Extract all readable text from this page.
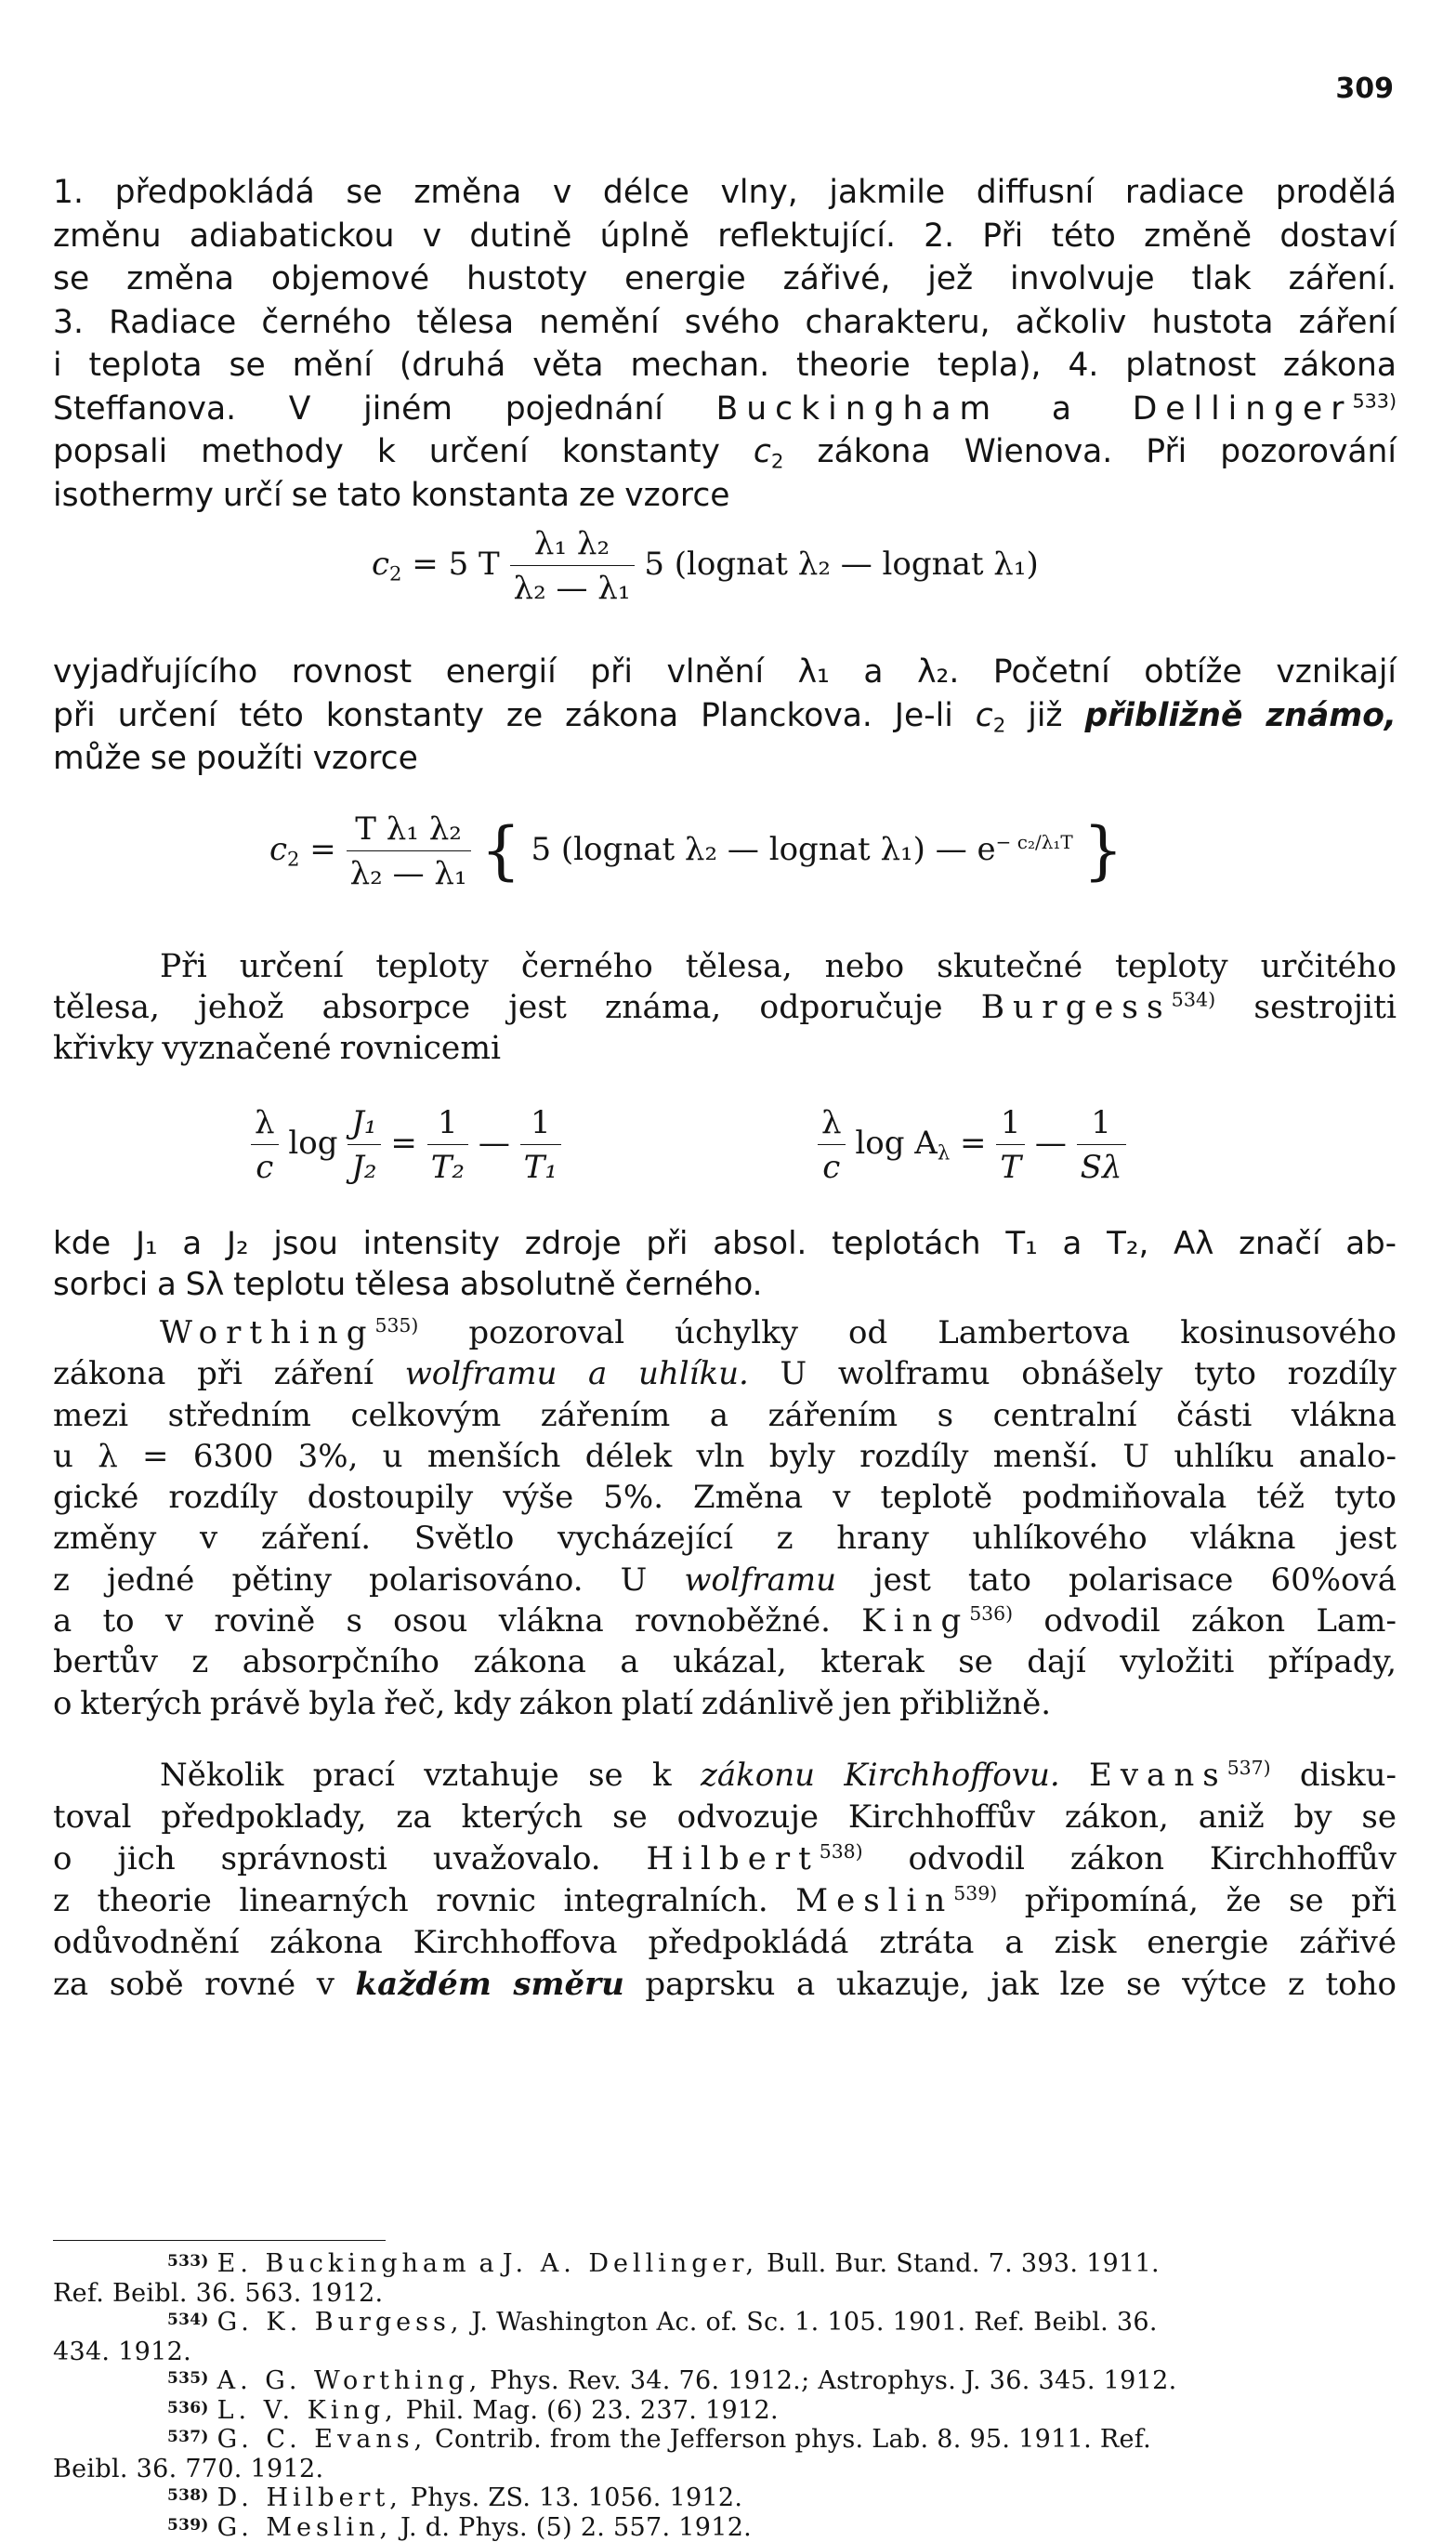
309
1. předpokládá se změna v délce vlny, jakmile diffusní radiace prodělá
změnu adiabatickou v dutině úplně reflektující. 2. Při této změně dostaví
se změna objemové hustoty energie zářivé, jež involvuje tlak záření.
3. Radiace černého tělesa nemění svého charakteru, ačkoliv hustota záření
i teplota se mění (druhá věta mechan. theorie tepla), 4. platnost zákona
Steffanova. V jiném pojednání Buckingham a Dellinger$^{533)}$
popsali methody k určení konstanty $c_2$ zákona Wienova. Při pozorování
isothermy určí se tato konstanta ze vzorce
$c_2 = 5$ T $\frac{\text{λ₁ λ₂}}{\text{λ₂ — λ₁}} 5$ (lognat λ₂ — lognat λ₁)
vyjadřujícího rovnost energií při vlnění λ₁ a λ₂. Početní obtíže vznikají
při určení této konstanty ze zákona Planckova. Je-li $c_2$ již přibližně známo,
může se použíti vzorce
$c_2 = \frac{\text{T λ₁ λ₂}}{\text{λ₂ — λ₁}}$ { 5 (lognat λ₂ — lognat λ₁) — $e^{- c_2/\lambda_1T}$ }
Při určení teploty černého tělesa, nebo skutečné teploty určitého
tělesa, jehož absorpce jest známa, odporučuje Burgess$^{534)}$ sestrojiti
křivky vyznačené rovnicemi
$\frac{\lambda}{c}$ $\log \frac{\text{J₁}}{\text{J₂}} = \frac{1}{\text{T₂}}$ — $\frac{1}{\text{T₁}}$	$\frac{\lambda}{c}$ $\log A_\lambda = \frac{1}{T}$ — $\frac{1}{S\lambda}$
kde J₁ a J₂ jsou intensity zdroje při absol. teplotách T₁ a T₂, Aλ značí ab-
sorbci a Sλ teplotu tělesa absolutně černého.
Worthing$^{535)}$ pozoroval úchylky od Lambertova kosinusového
zákona při záření wolframu a uhlíku. U wolframu obnášely tyto rozdíly
mezi středním celkovým zářením a zářením s centralní části vlákna
u λ = 6300 3%, u menších délek vln byly rozdíly menší. U uhlíku analo-
gické rozdíly dostoupily výše 5%. Změna v teplotě podmiňovala též tyto
změny v záření. Světlo vycházející z hrany uhlíkového vlákna jest
z jedné pětiny polarisováno. U wolframu jest tato polarisace 60%ová
a to v rovině s osou vlákna rovnoběžné. King$^{536)}$ odvodil zákon Lam-
bertův z absorpčního zákona a ukázal, kterak se dají vyložiti případy,
o kterých právě byla řeč, kdy zákon platí zdánlivě jen přibližně.
Několik prací vztahuje se k zákonu Kirchhoffovu. Evans$^{537)}$ disku-
toval předpoklady, za kterých se odvozuje Kirchhoffův zákon, aniž by se
o jich správnosti uvažovalo. Hilbert$^{538)}$ odvodil zákon Kirchhoffův
z theorie linearných rovnic integralních. Meslin$^{539)}$ připomíná, že se při
odůvodnění zákona Kirchhoffova předpokládá ztráta a zisk energie zářivé
za sobě rovné v každém směru paprsku a ukazuje, jak lze se výtce z toho
$^{533)}$ E. Buckingham a J. A. Dellinger, Bull. Bur. Stand. 7. 393. 1911.
Ref. Beibl. 36. 563. 1912.
$^{534)}$ G. K. Burgess, J. Washington Ac. of. Sc. 1. 105. 1901. Ref. Beibl. 36.
434. 1912.
$^{535)}$ A. G. Worthing, Phys. Rev. 34. 76. 1912.; Astrophys. J. 36. 345. 1912.
$^{536)}$ L. V. King, Phil. Mag. (6) 23. 237. 1912.
$^{537)}$ G. C. Evans, Contrib. from the Jefferson phys. Lab. 8. 95. 1911. Ref.
Beibl. 36. 770. 1912.
$^{538)}$ D. Hilbert, Phys. ZS. 13. 1056. 1912.
$^{539)}$ G. Meslin, J. d. Phys. (5) 2. 557. 1912.
